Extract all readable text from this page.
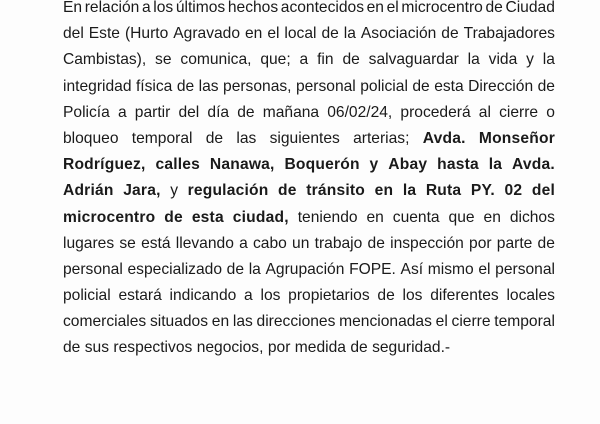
En relación a los últimos hechos acontecidos en el microcentro de Ciudad
del Este (Hurto Agravado en el local de la Asociación de Trabajadores
Cambistas), se comunica, que; a fin de salvaguardar la vida y la
integridad física de las personas, personal policial de esta Dirección de
Policía a partir del día de mañana 06/02/24, procederá al cierre o
bloqueo temporal de las siguientes arterias; Avda. Monseñor
Rodríguez, calles Nanawa, Boquerón y Abay hasta la Avda.
Adrián Jara, y regulación de tránsito en la Ruta PY. 02 del
microcentro de esta ciudad, teniendo en cuenta que en dichos
lugares se está llevando a cabo un trabajo de inspección por parte de
personal especializado de la Agrupación FOPE. Así mismo el personal
policial estará indicando a los propietarios de los diferentes locales
comerciales situados en las direcciones mencionadas el cierre temporal
de sus respectivos negocios, por medida de seguridad.-
